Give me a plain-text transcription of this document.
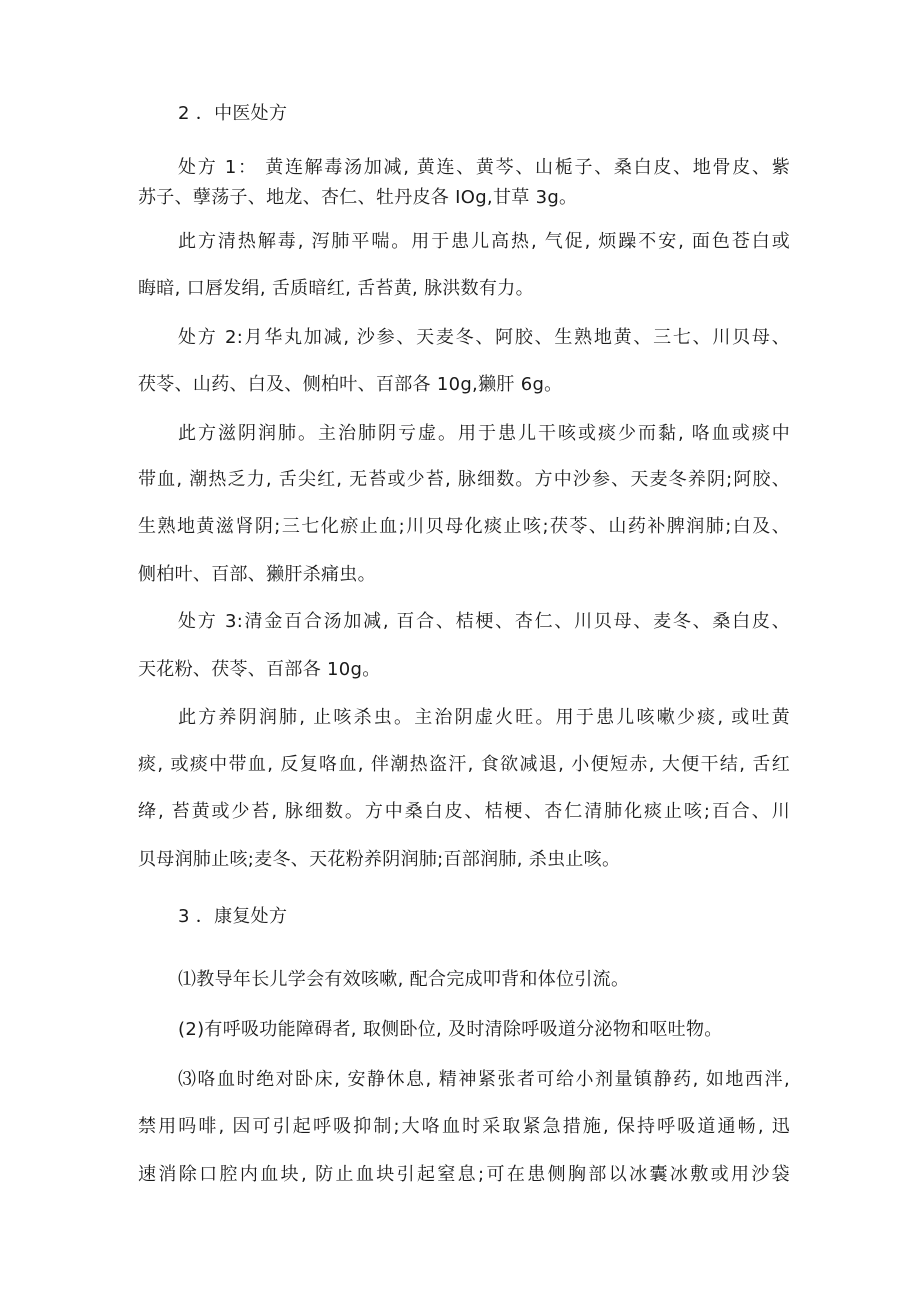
2 ．中医处方
处方 1： 黄连解毒汤加减, 黄连、黄芩、山栀子、桑白皮、地骨皮、紫
苏子、孽荡子、地龙、杏仁、牡丹皮各 IOg,甘草 3g。
此方清热解毒, 泻肺平喘。用于患儿高热, 气促, 烦躁不安, 面色苍白或
晦暗, 口唇发绢, 舌质暗红, 舌苔黄, 脉洪数有力。
处方 2:月华丸加减, 沙参、天麦冬、阿胶、生熟地黄、三七、川贝母、
茯苓、山药、白及、侧柏叶、百部各 10g,獭肝 6g。
此方滋阴润肺。主治肺阴亏虚。用于患儿干咳或痰少而黏, 咯血或痰中
带血, 潮热乏力, 舌尖红, 无苔或少苔, 脉细数。方中沙参、天麦冬养阴;阿胶、
生熟地黄滋肾阴;三七化瘀止血;川贝母化痰止咳;茯苓、山药补脾润肺;白及、
侧柏叶、百部、獭肝杀痛虫。
处方 3:清金百合汤加减, 百合、桔梗、杏仁、川贝母、麦冬、桑白皮、
天花粉、茯苓、百部各 10g。
此方养阴润肺, 止咳杀虫。主治阴虚火旺。用于患儿咳嗽少痰, 或吐黄
痰, 或痰中带血, 反复咯血, 伴潮热盗汗, 食欲减退, 小便短赤, 大便干结, 舌红
绛, 苔黄或少苔, 脉细数。方中桑白皮、桔梗、杏仁清肺化痰止咳;百合、川
贝母润肺止咳;麦冬、天花粉养阴润肺;百部润肺, 杀虫止咳。
3 ．康复处方
⑴教导年长儿学会有效咳嗽, 配合完成叩背和体位引流。
(2)有呼吸功能障碍者, 取侧卧位, 及时清除呼吸道分泌物和呕吐物。
⑶咯血时绝对卧床, 安静休息, 精神紧张者可给小剂量镇静药, 如地西泮,
禁用吗啡, 因可引起呼吸抑制;大咯血时采取紧急措施, 保持呼吸道通畅, 迅
速消除口腔内血块, 防止血块引起窒息;可在患侧胸部以冰囊冰敷或用沙袋
